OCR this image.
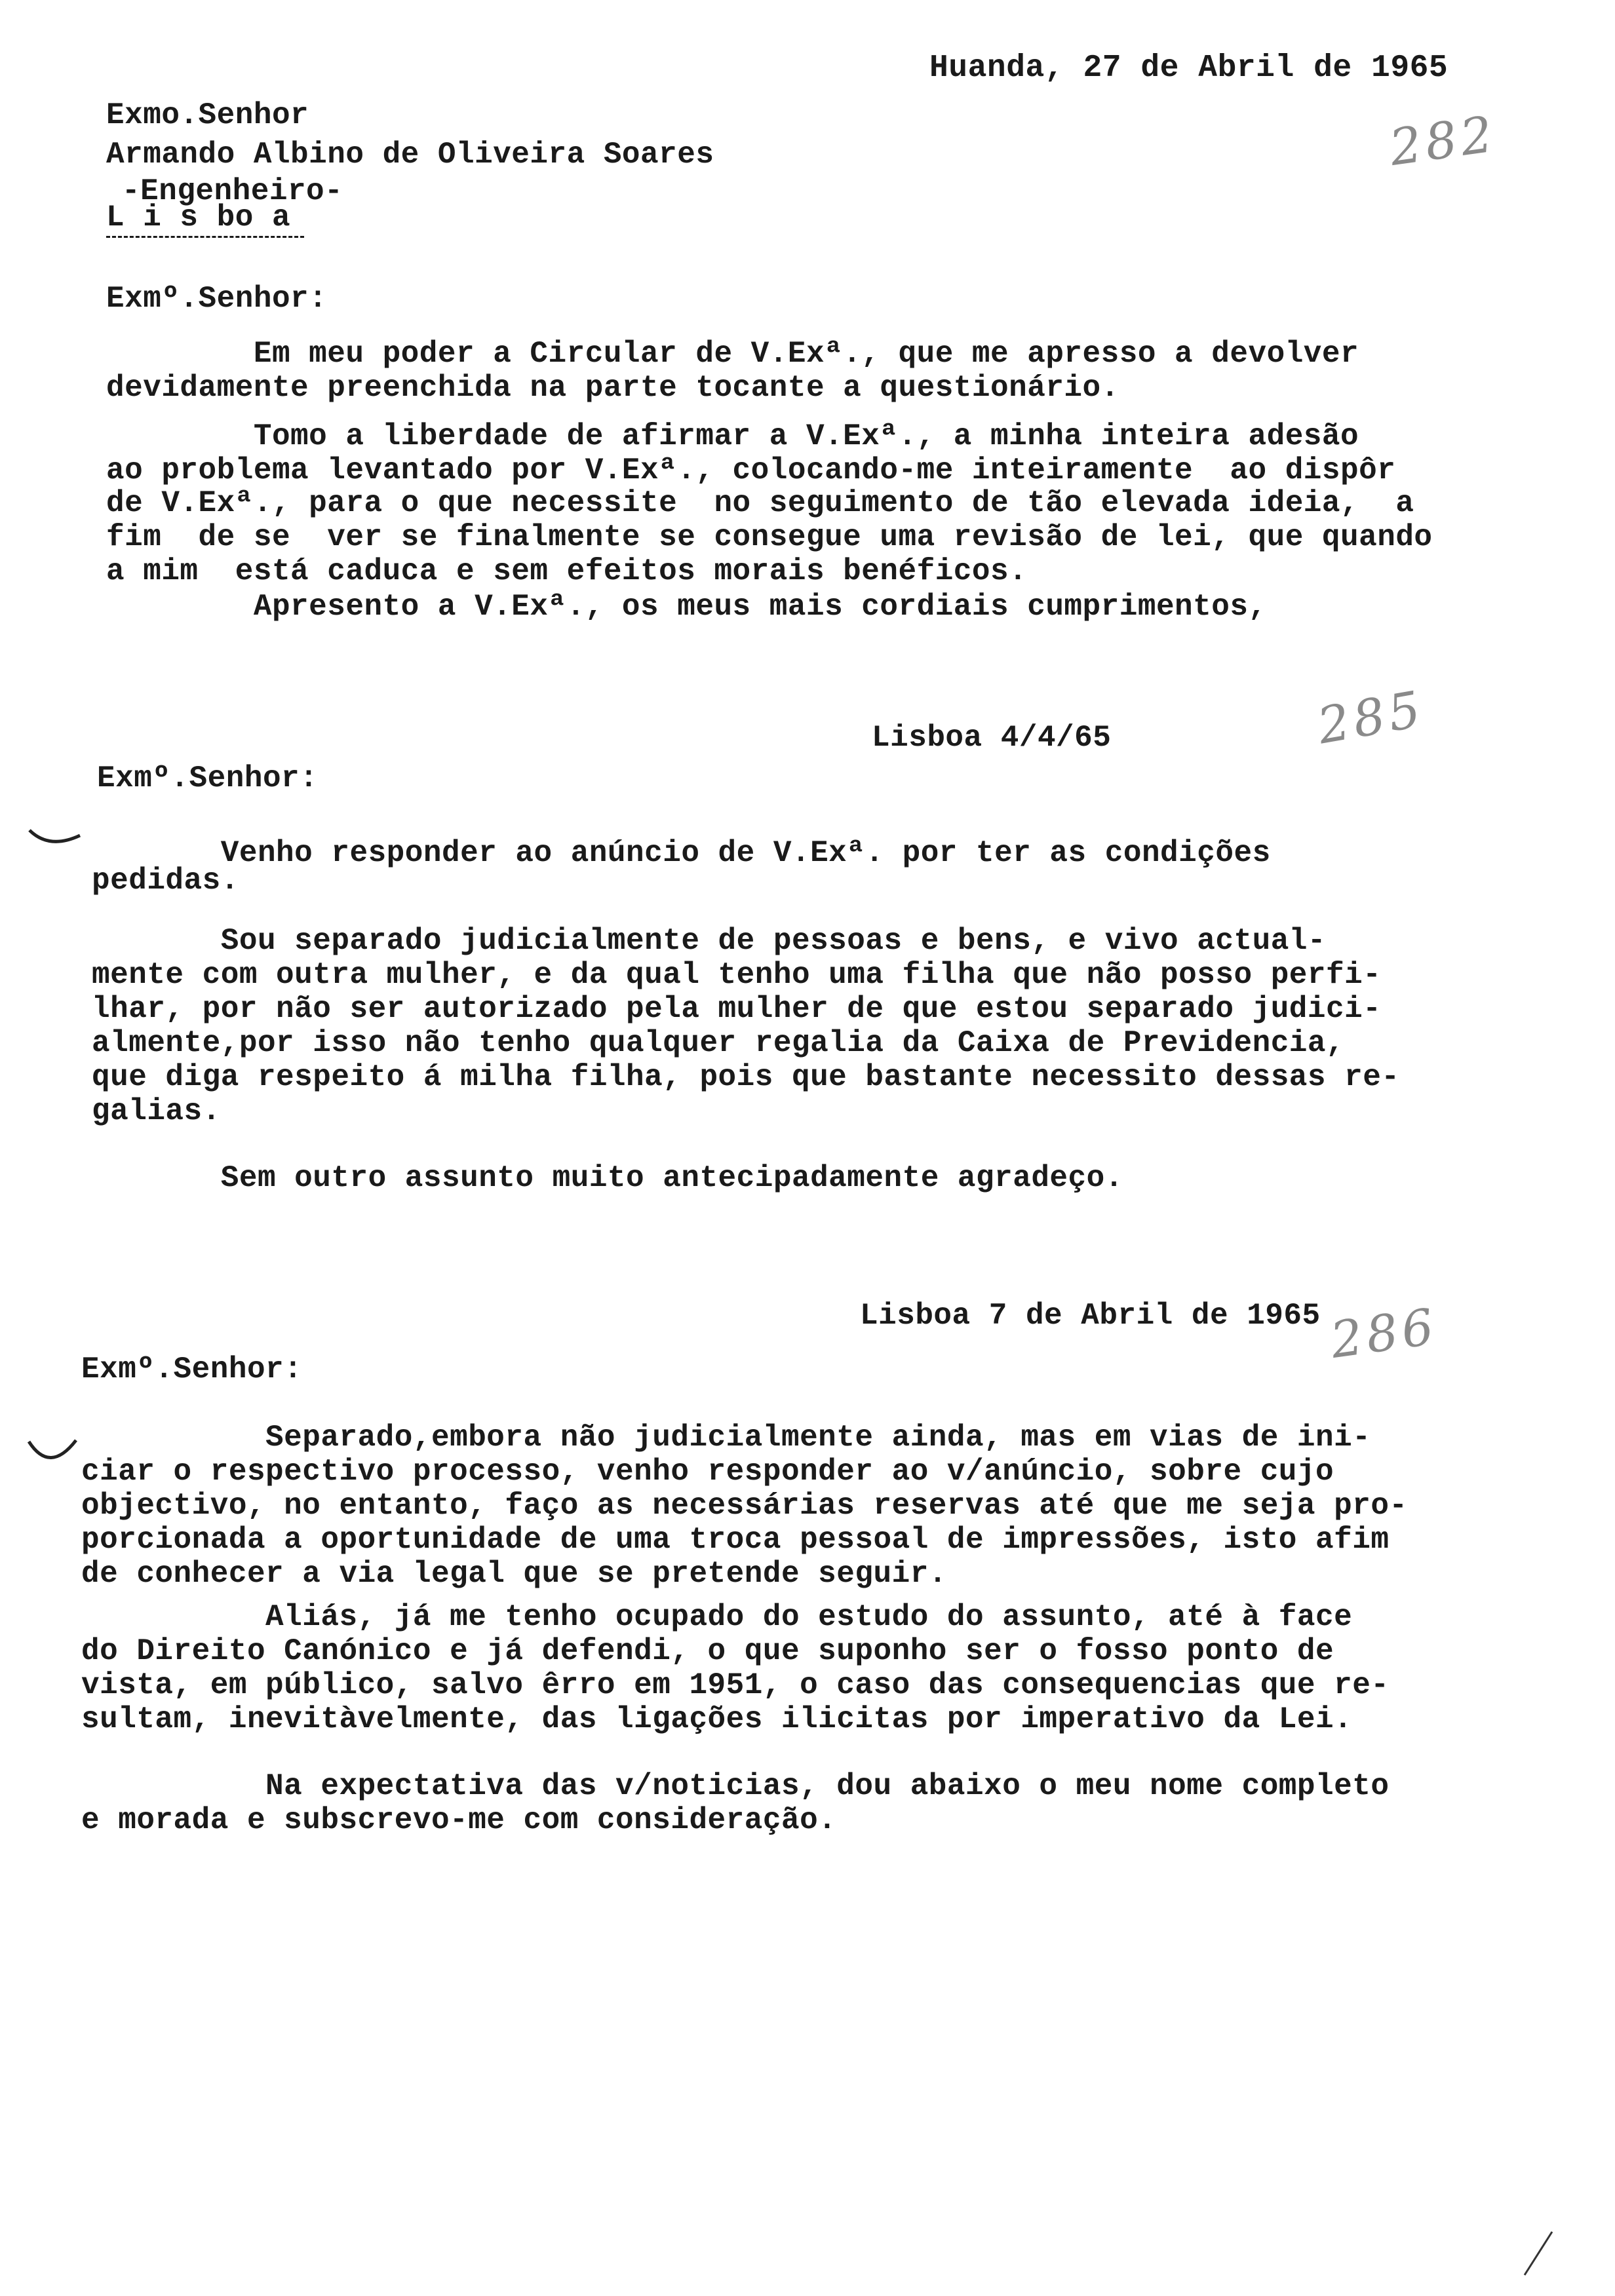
Huanda, 27 de Abril de 1965
282
Exmo.Senhor
Armando Albino de Oliveira Soares
-Engenheiro-
L i s bo a
Exmº.Senhor:
Em meu poder a Circular de V.Exª., que me apresso a devolver
devidamente preenchida na parte tocante a questionário.
Tomo a liberdade de afirmar a V.Exª., a minha inteira adesão
ao problema levantado por V.Exª., colocando-me inteiramente  ao dispôr
de V.Exª., para o que necessite  no seguimento de tão elevada ideia,  a
fim  de se  ver se finalmente se consegue uma revisão de lei, que quando
a mim  está caduca e sem efeitos morais benéficos.
Apresento a V.Exª., os meus mais cordiais cumprimentos,
Lisboa 4/4/65	285
Exmº.Senhor:
Venho responder ao anúncio de V.Exª. por ter as condições
pedidas.
Sou separado judicialmente de pessoas e bens, e vivo actual-
mente com outra mulher, e da qual tenho uma filha que não posso perfi-
lhar, por não ser autorizado pela mulher de que estou separado judici-
almente,por isso não tenho qualquer regalia da Caixa de Previdencia,
que diga respeito á milha filha, pois que bastante necessito dessas re-
galias.
Sem outro assunto muito antecipadamente agradeço.
Lisboa 7 de Abril de 1965 286
Exmº.Senhor:
Separado,embora não judicialmente ainda, mas em vias de ini-
ciar o respectivo processo, venho responder ao v/anúncio, sobre cujo
objectivo, no entanto, faço as necessárias reservas até que me seja pro-
porcionada a oportunidade de uma troca pessoal de impressões, isto afim
de conhecer a via legal que se pretende seguir.
Aliás, já me tenho ocupado do estudo do assunto, até à face
do Direito Canónico e já defendi, o que suponho ser o fosso ponto de
vista, em público, salvo êrro em 1951, o caso das consequencias que re-
sultam, inevitàvelmente, das ligações ilicitas por imperativo da Lei.
Na expectativa das v/noticias, dou abaixo o meu nome completo
e morada e subscrevo-me com consideração.
